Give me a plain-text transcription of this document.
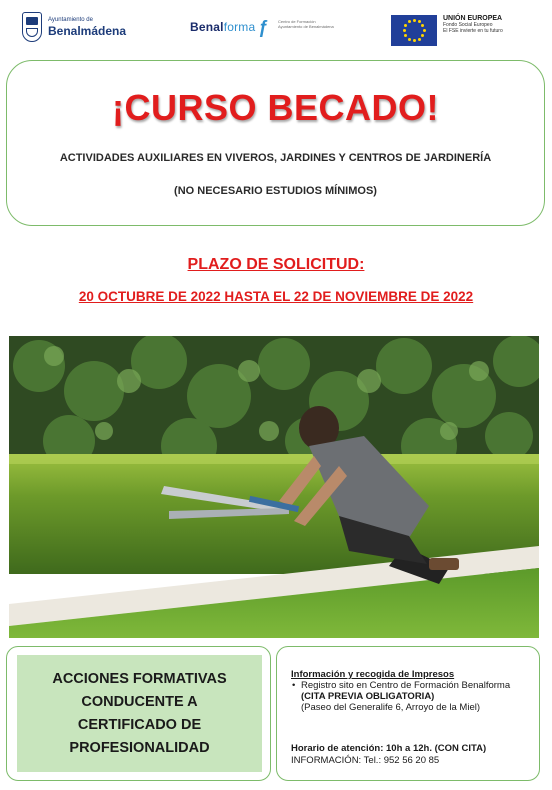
Ayuntamiento de
Benalmádena	Benalforma ƒ Centro de Formación Ayuntamiento de Benalmádena
UNIÓN EUROPEA
Fondo Social Europeo
El FSE invierte en tu futuro
¡CURSO BECADO!
ACTIVIDADES AUXILIARES EN VIVEROS, JARDINES Y CENTROS DE JARDINERÍA
(NO NECESARIO ESTUDIOS MÍNIMOS)
PLAZO DE SOLICITUD:
20 OCTUBRE DE 2022 HASTA EL 22 DE NOVIEMBRE DE 2022
ACCIONES FORMATIVAS
CONDUCENTE A
CERTIFICADO DE
PROFESIONALIDAD
Información y recogida de Impresos
• Registro sito en Centro de Formación Benalforma (CITA PREVIA OBLIGATORIA)
(Paseo del Generalife 6, Arroyo de la Miel)
Horario de atención: 10h a 12h. (CON CITA)
INFORMACIÓN: Tel.: 952 56 20 85
